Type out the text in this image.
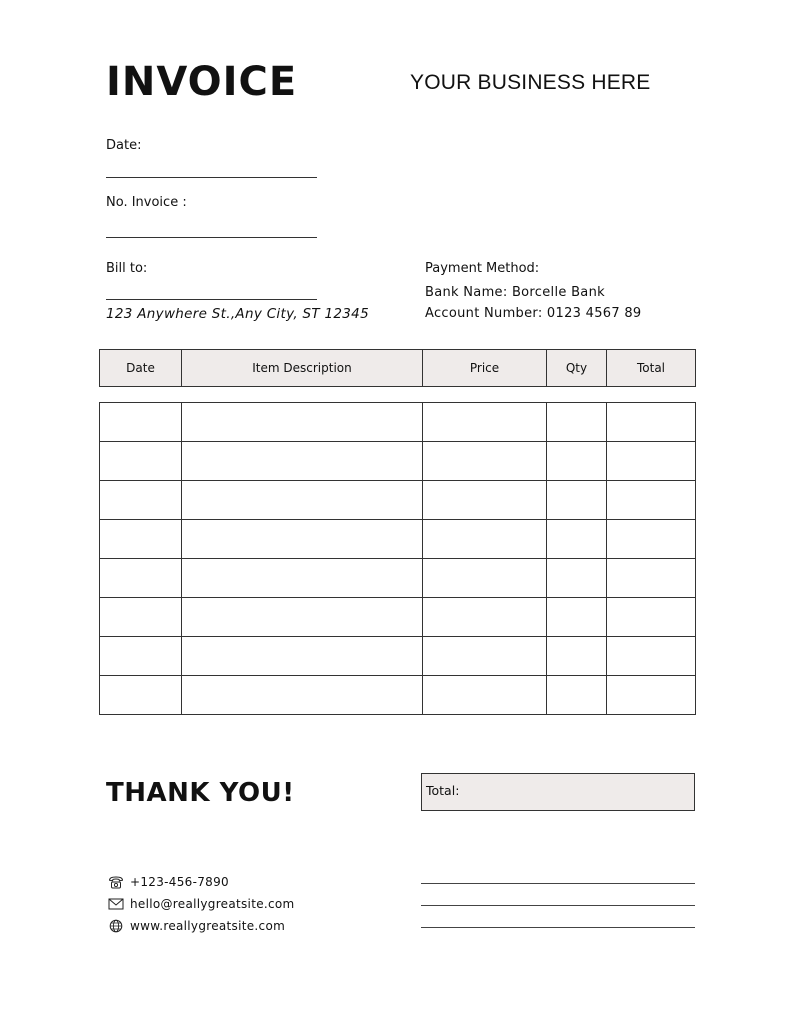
INVOICE	YOUR BUSINESS HERE

Date:

No. Invoice :

Bill to:

123 Anywhere St.,Any City, ST 12345

Payment Method:

Bank Name: Borcelle Bank

Account Number: 0123 4567 89

Date	Item Description	Price	Qty	Total

THANK YOU!	Total:
+123-456-7890
hello@reallygreatsite.com
www.reallygreatsite.com
